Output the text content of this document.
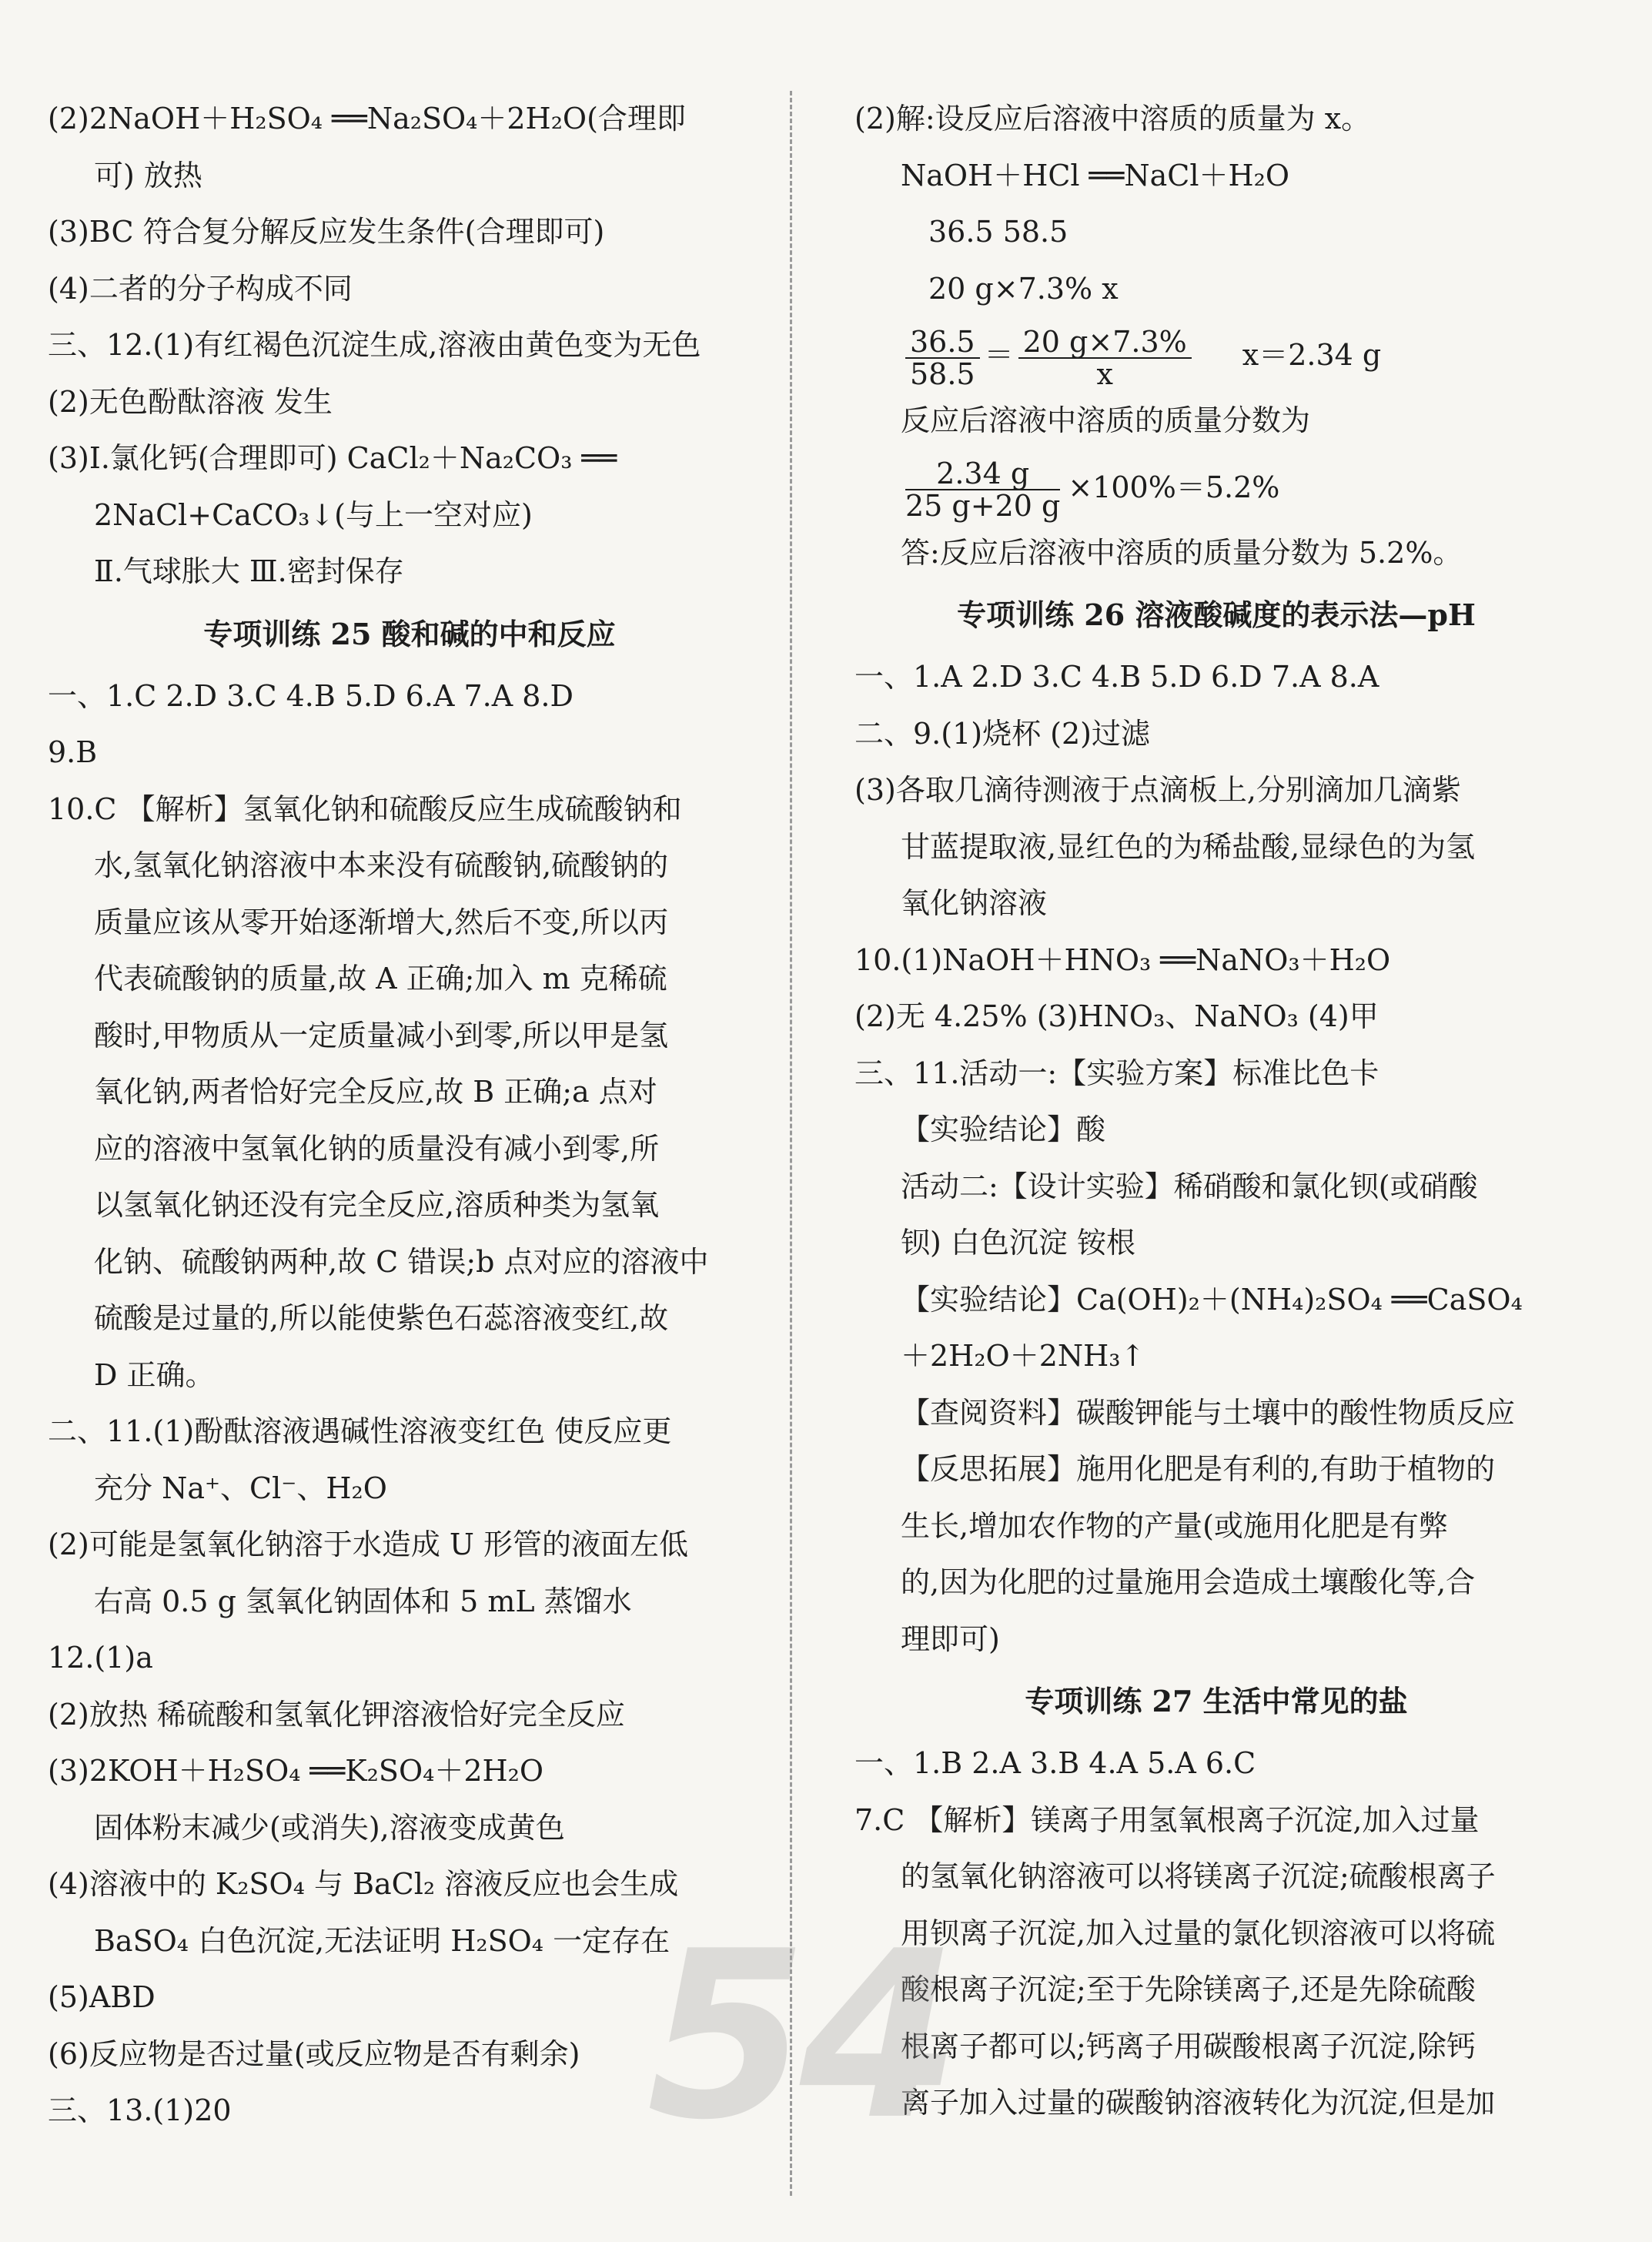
(2)2NaOH＋H₂SO₄ ══Na₂SO₄＋2H₂O(合理即
可) 放热
(3)BC 符合复分解反应发生条件(合理即可)
(4)二者的分子构成不同
三、12.(1)有红褐色沉淀生成,溶液由黄色变为无色
(2)无色酚酞溶液 发生
(3)Ⅰ.氯化钙(合理即可) CaCl₂＋Na₂CO₃ ══
2NaCl+CaCO₃↓(与上一空对应)
Ⅱ.气球胀大 Ⅲ.密封保存
专项训练 25 酸和碱的中和反应
一、1.C 2.D 3.C 4.B 5.D 6.A 7.A 8.D
9.B
10.C 【解析】氢氧化钠和硫酸反应生成硫酸钠和
水,氢氧化钠溶液中本来没有硫酸钠,硫酸钠的
质量应该从零开始逐渐增大,然后不变,所以丙
代表硫酸钠的质量,故 A 正确;加入 m 克稀硫
酸时,甲物质从一定质量减小到零,所以甲是氢
氧化钠,两者恰好完全反应,故 B 正确;a 点对
应的溶液中氢氧化钠的质量没有减小到零,所
以氢氧化钠还没有完全反应,溶质种类为氢氧
化钠、硫酸钠两种,故 C 错误;b 点对应的溶液中
硫酸是过量的,所以能使紫色石蕊溶液变红,故
D 正确。
二、11.(1)酚酞溶液遇碱性溶液变红色 使反应更
充分 Na⁺、Cl⁻、H₂O
(2)可能是氢氧化钠溶于水造成 U 形管的液面左低
右高 0.5 g 氢氧化钠固体和 5 mL 蒸馏水
12.(1)a
(2)放热 稀硫酸和氢氧化钾溶液恰好完全反应
(3)2KOH＋H₂SO₄ ══K₂SO₄＋2H₂O
固体粉末减少(或消失),溶液变成黄色
(4)溶液中的 K₂SO₄ 与 BaCl₂ 溶液反应也会生成
BaSO₄ 白色沉淀,无法证明 H₂SO₄ 一定存在
(5)ABD
(6)反应物是否过量(或反应物是否有剩余)
三、13.(1)20
(2)解:设反应后溶液中溶质的质量为 x。
NaOH＋HCl ══NaCl＋H₂O
36.5 58.5
20 g×7.3% x
$\frac{36.5}{58.5} = \frac{20 g\times 7.3\%}{x} x=2.34$ g
反应后溶液中溶质的质量分数为
$\frac{2.34 g}{25 g+20 g} \times 100\%=5.2\%$
答:反应后溶液中溶质的质量分数为 5.2%。
专项训练 26 溶液酸碱度的表示法—pH
一、1.A 2.D 3.C 4.B 5.D 6.D 7.A 8.A
二、9.(1)烧杯 (2)过滤
(3)各取几滴待测液于点滴板上,分别滴加几滴紫
甘蓝提取液,显红色的为稀盐酸,显绿色的为氢
氧化钠溶液
10.(1)NaOH＋HNO₃ ══NaNO₃＋H₂O
(2)无 4.25% (3)HNO₃、NaNO₃ (4)甲
三、11.活动一:【实验方案】标准比色卡
【实验结论】酸
活动二:【设计实验】稀硝酸和氯化钡(或硝酸
钡) 白色沉淀 铵根
【实验结论】Ca(OH)₂＋(NH₄)₂SO₄ ══CaSO₄
＋2H₂O＋2NH₃↑
【查阅资料】碳酸钾能与土壤中的酸性物质反应
【反思拓展】施用化肥是有利的,有助于植物的
生长,增加农作物的产量(或施用化肥是有弊
的,因为化肥的过量施用会造成土壤酸化等,合
理即可)
专项训练 27 生活中常见的盐
一、1.B 2.A 3.B 4.A 5.A 6.C
7.C 【解析】镁离子用氢氧根离子沉淀,加入过量
的氢氧化钠溶液可以将镁离子沉淀;硫酸根离子
用钡离子沉淀,加入过量的氯化钡溶液可以将硫
酸根离子沉淀;至于先除镁离子,还是先除硫酸
根离子都可以;钙离子用碳酸根离子沉淀,除钙
离子加入过量的碳酸钠溶液转化为沉淀,但是加
54
